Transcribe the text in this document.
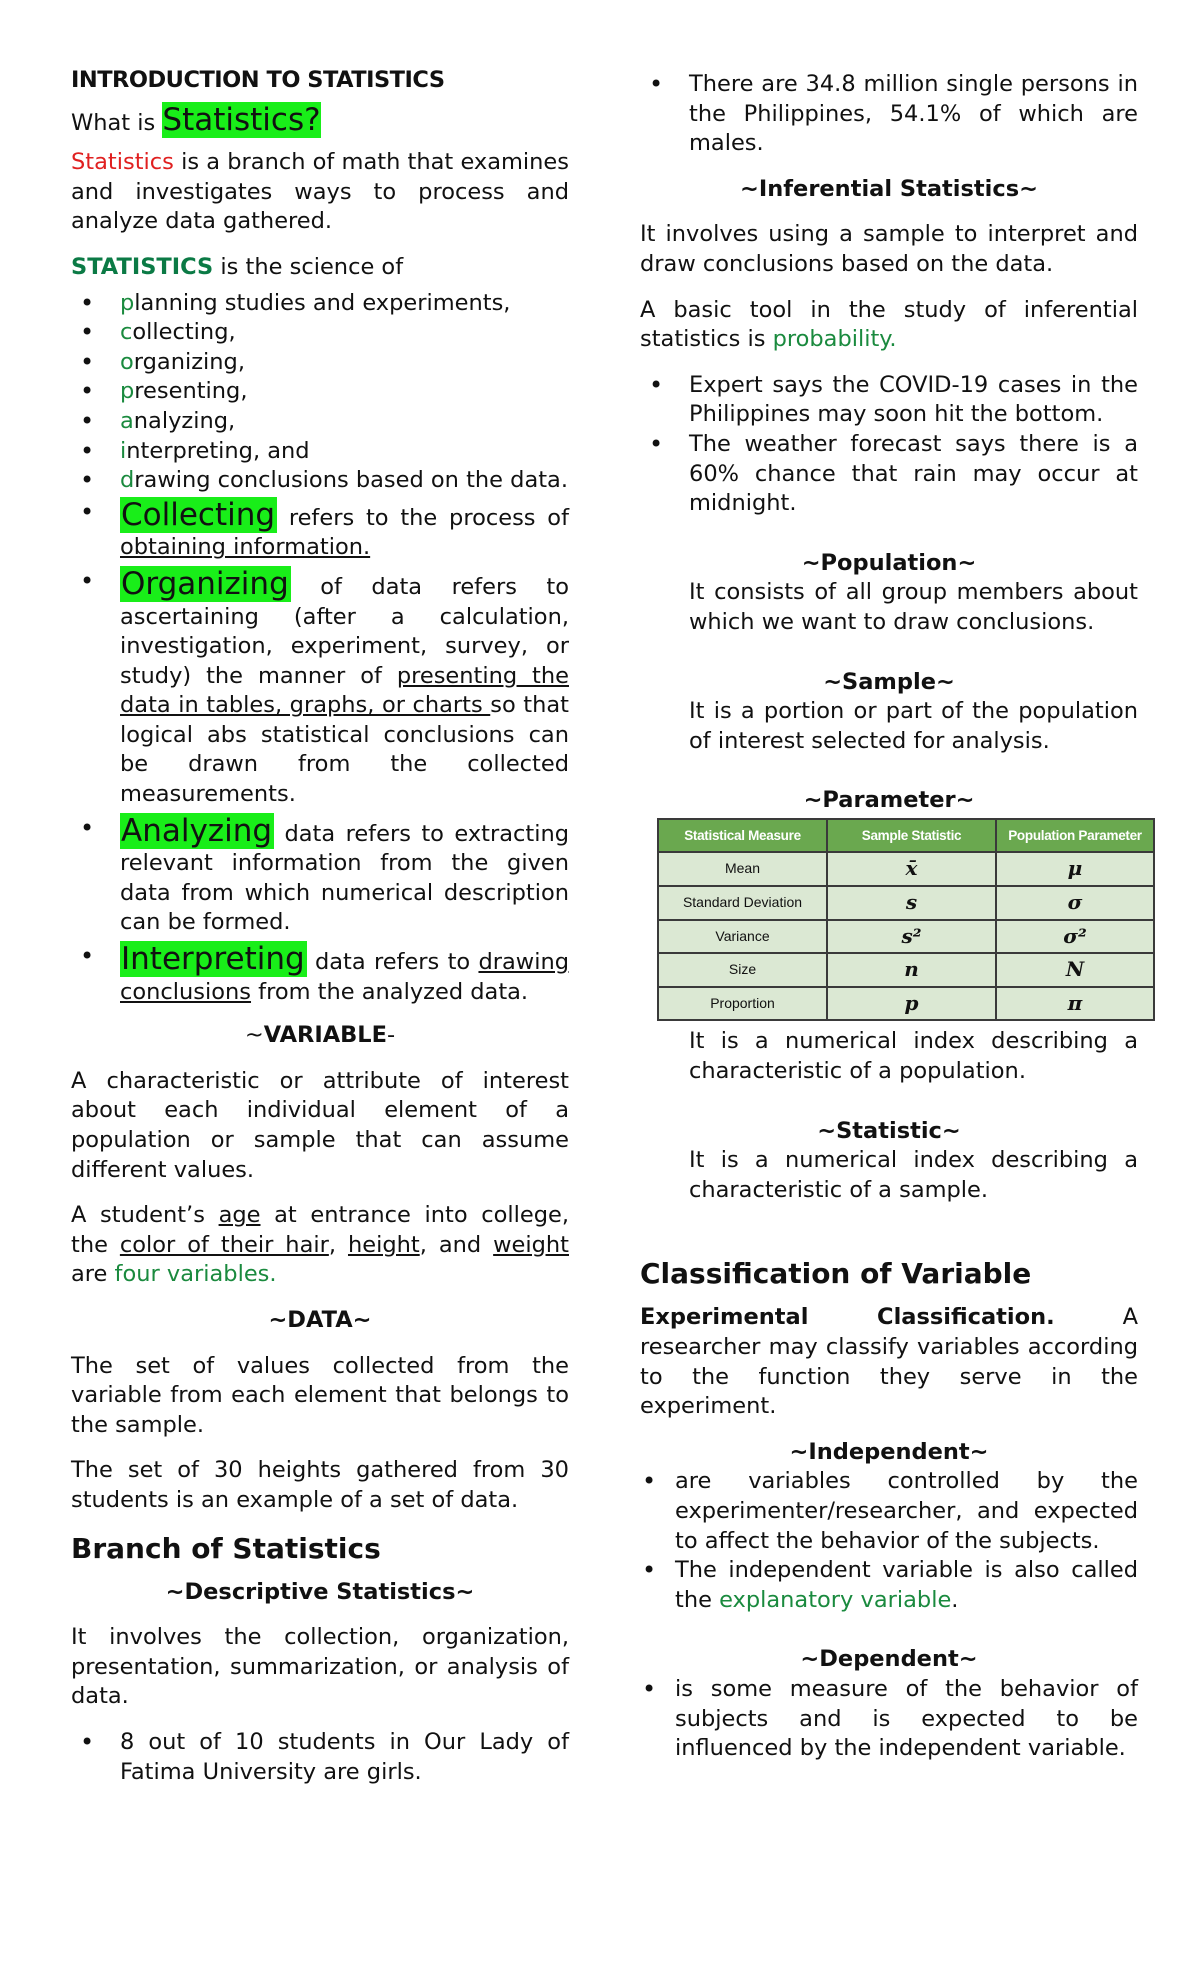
INTRODUCTION TO STATISTICS

What is Statistics?

Statistics is a branch of math that examines and investigates ways to process and analyze data gathered.

STATISTICS is the science of

• planning studies and experiments,
• collecting,
• organizing,
• presenting,
• analyzing,
• interpreting, and
• drawing conclusions based on the data.
• Collecting refers to the process of obtaining information.
• Organizing of data refers to ascertaining (after a calculation, investigation, experiment, survey, or study) the manner of presenting the data in tables, graphs, or charts so that logical abs statistical conclusions can be drawn from the collected measurements.
• Analyzing data refers to extracting relevant information from the given data from which numerical description can be formed.
• Interpreting data refers to drawing conclusions from the analyzed data.

~VARIABLE-

A characteristic or attribute of interest about each individual element of a population or sample that can assume different values.

A student’s age at entrance into college, the color of their hair, height, and weight are four variables.

~DATA~

The set of values collected from the variable from each element that belongs to the sample.

The set of 30 heights gathered from 30 students is an example of a set of data.

Branch of Statistics

~Descriptive Statistics~

It involves the collection, organization, presentation, summarization, or analysis of data.

• 8 out of 10 students in Our Lady of Fatima University are girls.
• There are 34.8 million single persons in the Philippines, 54.1% of which are males.

~Inferential Statistics~

It involves using a sample to interpret and draw conclusions based on the data.

A basic tool in the study of inferential statistics is probability.

• Expert says the COVID-19 cases in the Philippines may soon hit the bottom.
• The weather forecast says there is a 60% chance that rain may occur at midnight.

~Population~

It consists of all group members about which we want to draw conclusions.

~Sample~

It is a portion or part of the population of interest selected for analysis.

~Parameter~

Statistical Measure	Sample Statistic	Population Parameter
Mean	x̄	μ
Standard Deviation	s	σ
Variance	s²	σ²
Size	n	N
Proportion	p	π

It is a numerical index describing a characteristic of a population.

~Statistic~

It is a numerical index describing a characteristic of a sample.

Classification of Variable

Experimental Classification. A researcher may classify variables according to the function they serve in the experiment.

~Independent~

• are variables controlled by the experimenter/researcher, and expected to affect the behavior of the subjects.
• The independent variable is also called the explanatory variable.

~Dependent~

• is some measure of the behavior of subjects and is expected to be influenced by the independent variable.
